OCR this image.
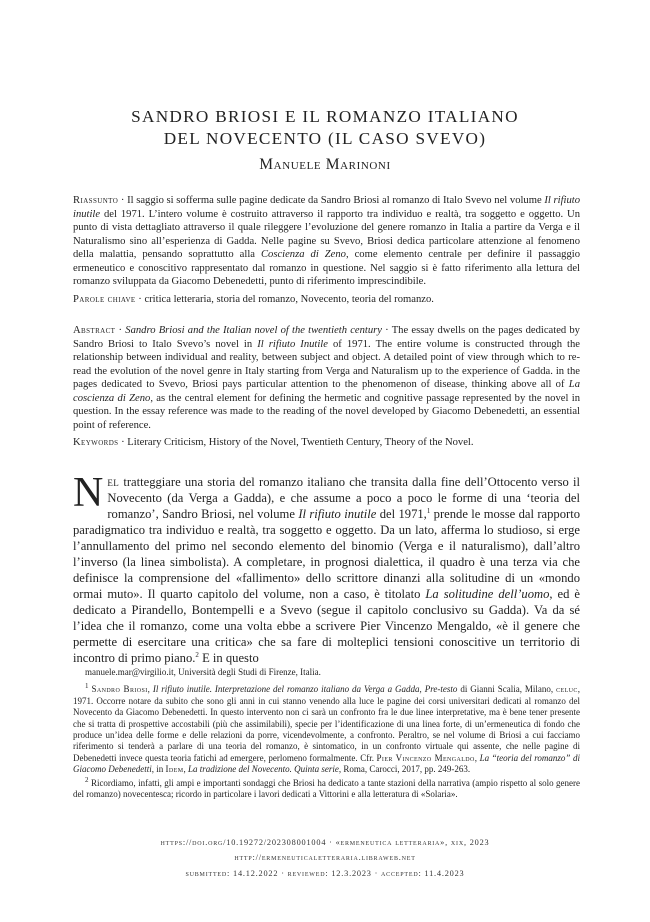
SANDRO BRIOSI E IL ROMANZO ITALIANO
DEL NOVECENTO (IL CASO SVEVO)
Manuele Marinoni

Riassunto · Il saggio si sofferma sulle pagine dedicate da Sandro Briosi al romanzo di Italo Svevo nel volume Il rifiuto inutile del 1971. L’intero volume è costruito attraverso il rapporto tra individuo e realtà, tra soggetto e oggetto. Un punto di vista dettagliato attraverso il quale rileggere l’evoluzione del genere romanzo in Italia a partire da Verga e il Naturalismo sino all’esperienza di Gadda. Nelle pagine su Svevo, Briosi dedica particolare attenzione al fenomeno della malattia, pensando soprattutto alla Coscienza di Zeno, come elemento centrale per definire il passaggio ermeneutico e conoscitivo rappresentato dal romanzo in questione. Nel saggio si è fatto riferimento alla lettura del romanzo sviluppata da Giacomo Debenedetti, punto di riferimento imprescindibile.

Parole chiave · critica letteraria, storia del romanzo, Novecento, teoria del romanzo.

Abstract · Sandro Briosi and the Italian novel of the twentieth century · The essay dwells on the pages dedicated by Sandro Briosi to Italo Svevo’s novel in Il rifiuto Inutile of 1971. The entire volume is constructed through the relationship between individual and reality, between subject and object. A detailed point of view through which to re-read the evolution of the novel genre in Italy starting from Verga and Naturalism up to the experience of Gadda. in the pages dedicated to Svevo, Briosi pays particular attention to the phenomenon of disease, thinking above all of La coscienza di Zeno, as the central element for defining the hermetic and cognitive passage represented by the novel in question. In the essay reference was made to the reading of the novel developed by Giacomo Debenedetti, an essential point of reference.

Keywords · Literary Criticism, History of the Novel, Twentieth Century, Theory of the Novel.

Nel tratteggiare una storia del romanzo italiano che transita dalla fine dell’Ottocento verso il Novecento (da Verga a Gadda), e che assume a poco a poco le forme di una ‘teoria del romanzo’, Sandro Briosi, nel volume Il rifiuto inutile del 1971,$^1$ prende le mosse dal rapporto paradigmatico tra individuo e realtà, tra soggetto e oggetto. Da un lato, afferma lo studioso, si erge l’annullamento del primo nel secondo elemento del binomio (Verga e il naturalismo), dall’altro l’inverso (la linea simbolista). A completare, in prognosi dialettica, il quadro è una terza via che definisce la comprensione del «fallimento» dello scrittore dinanzi alla solitudine di un «mondo ormai muto». Il quarto capitolo del volume, non a caso, è titolato La solitudine dell’uomo, ed è dedicato a Pirandello, Bontempelli e a Svevo (segue il capitolo conclusivo su Gadda). Va da sé l’idea che il romanzo, come una volta ebbe a scrivere Pier Vincenzo Mengaldo, «è il genere che permette di esercitare una critica» che sa fare di molteplici tensioni conoscitive un territorio di incontro di primo piano.$^2$ E in questo

manuele.mar@virgilio.it, Università degli Studi di Firenze, Italia.

$^1$ Sandro Briosi, Il rifiuto inutile. Interpretazione del romanzo italiano da Verga a Gadda, Pre-testo di Gianni Scalia, Milano, celuc, 1971. Occorre notare da subito che sono gli anni in cui stanno venendo alla luce le pagine dei corsi universitari dedicati al romanzo del Novecento da Giacomo Debenedetti. In questo intervento non ci sarà un confronto fra le due linee interpretative, ma è bene tener presente che si tratta di prospettive accostabili (più che assimilabili), specie per l’identificazione di una linea forte, di un’ermeneutica di fondo che produce un’idea delle forme e delle relazioni da porre, vicendevolmente, a confronto. Peraltro, se nel volume di Briosi a cui facciamo riferimento si tenderà a parlare di una teoria del romanzo, è sintomatico, in un confronto virtuale qui assente, che nelle pagine di Debenedetti invece questa teoria fatichi ad emergere, perlomeno formalmente. Cfr. Pier Vincenzo Mengaldo, La “teoria del romanzo” di Giacomo Debenedetti, in Idem, La tradizione del Novecento. Quinta serie, Roma, Carocci, 2017, pp. 249-263.

$^2$ Ricordiamo, infatti, gli ampi e importanti sondaggi che Briosi ha dedicato a tante stazioni della narrativa (ampio rispetto al solo genere del romanzo) novecentesca; ricordo in particolare i lavori dedicati a Vittorini e alla letteratura di «Solaria».

https://doi.org/10.19272/202308001004 · «ermeneutica letteraria», xix, 2023
http://ermeneuticaletteraria.libraweb.net
submitted: 14.12.2022 · reviewed: 12.3.2023 · accepted: 11.4.2023
